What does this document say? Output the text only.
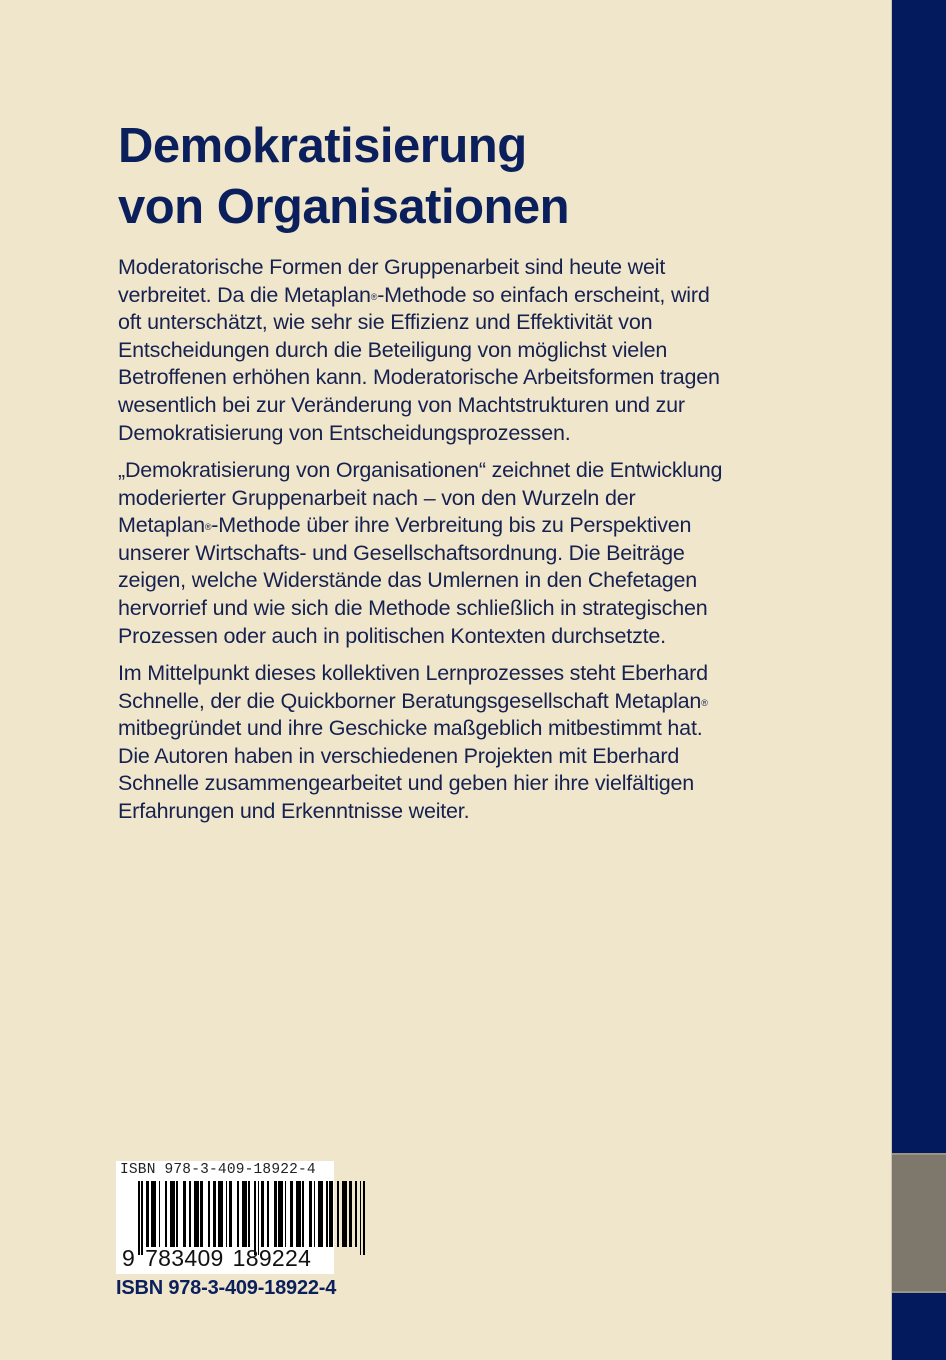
Demokratisierung
von Organisationen
Moderatorische Formen der Gruppenarbeit sind heute weit
verbreitet. Da die Metaplan®-Methode so einfach erscheint, wird
oft unterschätzt, wie sehr sie Effizienz und Effektivität von
Entscheidungen durch die Beteiligung von möglichst vielen
Betroffenen erhöhen kann. Moderatorische Arbeitsformen tragen
wesentlich bei zur Veränderung von Machtstrukturen und zur
Demokratisierung von Entscheidungsprozessen.
„Demokratisierung von Organisationen“ zeichnet die Entwicklung
moderierter Gruppenarbeit nach – von den Wurzeln der
Metaplan®-Methode über ihre Verbreitung bis zu Perspektiven
unserer Wirtschafts- und Gesellschaftsordnung. Die Beiträge
zeigen, welche Widerstände das Umlernen in den Chefetagen
hervorrief und wie sich die Methode schließlich in strategischen
Prozessen oder auch in politischen Kontexten durchsetzte.
Im Mittelpunkt dieses kollektiven Lernprozesses steht Eberhard
Schnelle, der die Quickborner Beratungsgesellschaft Metaplan®
mitbegründet und ihre Geschicke maßgeblich mitbestimmt hat.
Die Autoren haben in verschiedenen Projekten mit Eberhard
Schnelle zusammengearbeitet und geben hier ihre vielfältigen
Erfahrungen und Erkenntnisse weiter.
ISBN 978-3-409-18922-4
9 783409 189224
ISBN 978-3-409-18922-4
